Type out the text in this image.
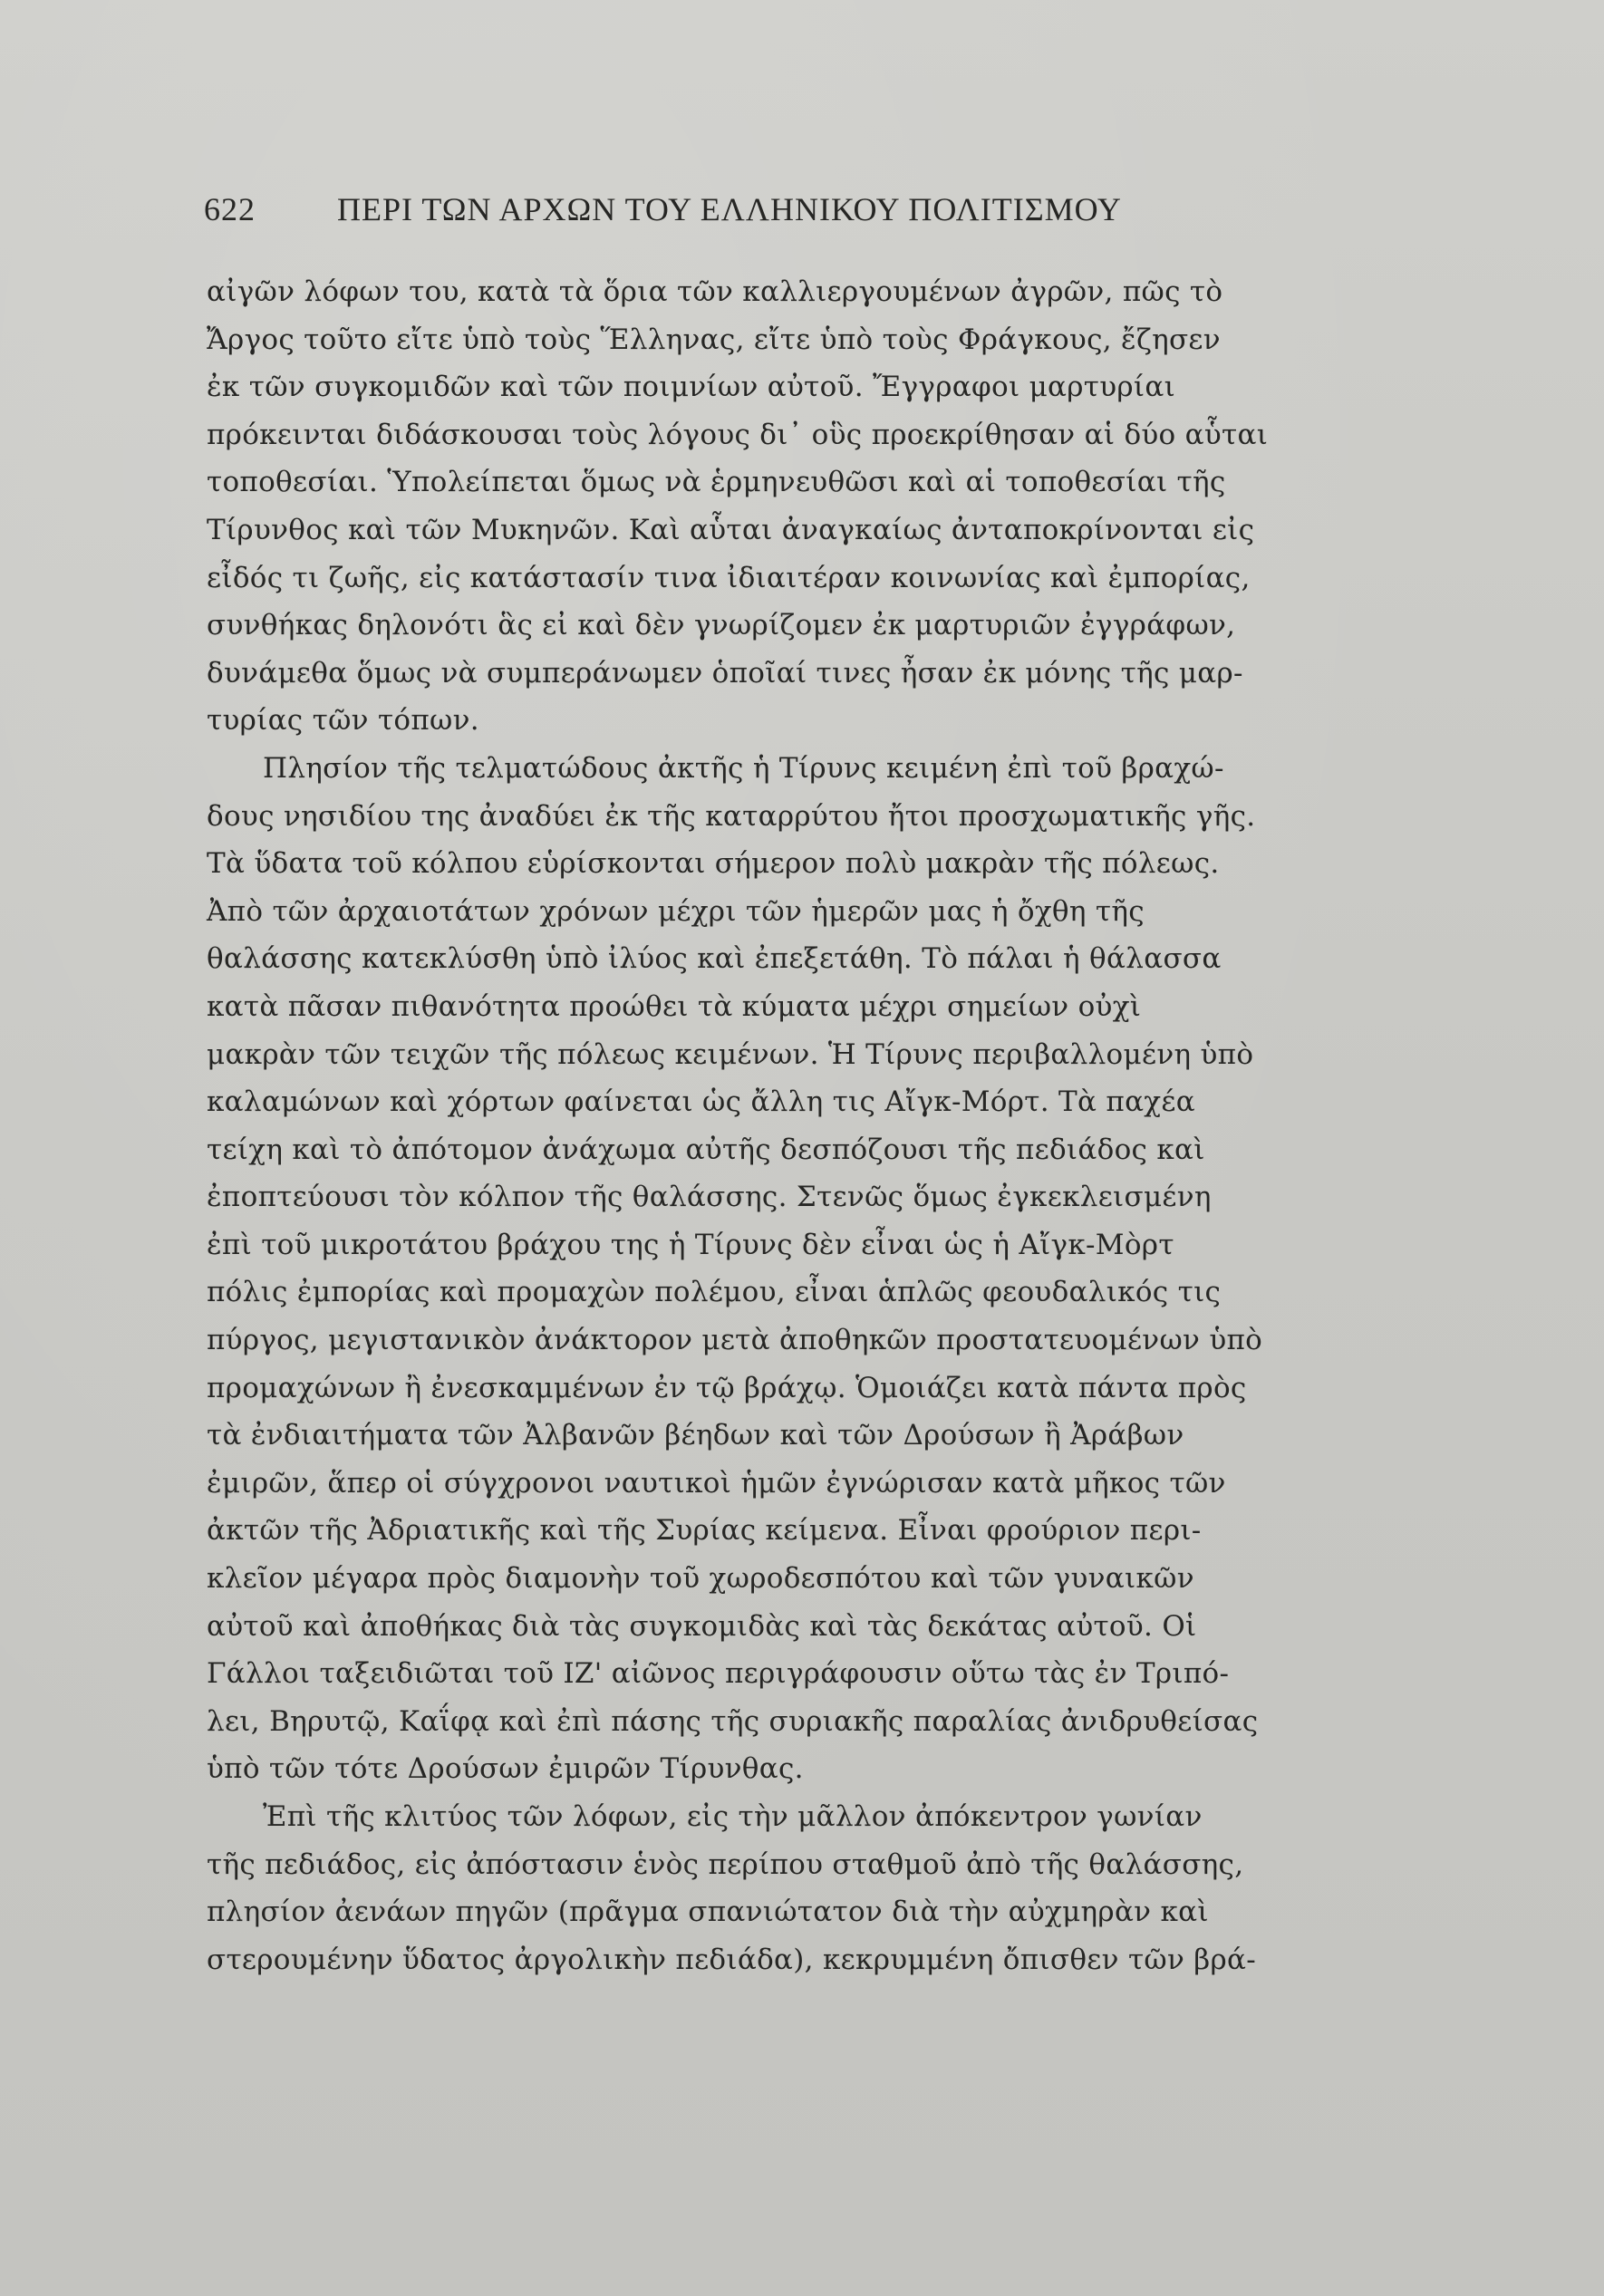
622	ΠΕΡΙ ΤΩΝ ΑΡΧΩΝ ΤΟΥ ΕΛΛΗΝΙΚΟΥ ΠΟΛΙΤΙΣΜΟΥ
αἰγῶν λόφων του, κατὰ τὰ ὅρια τῶν καλλιεργουμένων ἀγρῶν, πῶς τὸ
Ἄργος τοῦτο εἴτε ὑπὸ τοὺς Ἕλληνας, εἴτε ὑπὸ τοὺς Φράγκους, ἔζησεν
ἐκ τῶν συγκομιδῶν καὶ τῶν ποιμνίων αὐτοῦ. Ἔγγραφοι μαρτυρίαι
πρόκεινται διδάσκουσαι τοὺς λόγους δι᾿ οὓς προεκρίθησαν αἱ δύο αὗται
τοποθεσίαι. Ὑπολείπεται ὅμως νὰ ἑρμηνευθῶσι καὶ αἱ τοποθεσίαι τῆς
Τίρυνθος καὶ τῶν Μυκηνῶν. Καὶ αὗται ἀναγκαίως ἀνταποκρίνονται εἰς
εἶδός τι ζωῆς, εἰς κατάστασίν τινα ἰδιαιτέραν κοινωνίας καὶ ἐμπορίας,
συνθήκας δηλονότι ἃς εἰ καὶ δὲν γνωρίζομεν ἐκ μαρτυριῶν ἐγγράφων,
δυνάμεθα ὅμως νὰ συμπεράνωμεν ὁποῖαί τινες ἦσαν ἐκ μόνης τῆς μαρ-
τυρίας τῶν τόπων.
Πλησίον τῆς τελματώδους ἀκτῆς ἡ Τίρυνς κειμένη ἐπὶ τοῦ βραχώ-
δους νησιδίου της ἀναδύει ἐκ τῆς καταρρύτου ἤτοι προσχωματικῆς γῆς.
Τὰ ὕδατα τοῦ κόλπου εὑρίσκονται σήμερον πολὺ μακρὰν τῆς πόλεως.
Ἀπὸ τῶν ἀρχαιοτάτων χρόνων μέχρι τῶν ἡμερῶν μας ἡ ὄχθη τῆς
θαλάσσης κατεκλύσθη ὑπὸ ἰλύος καὶ ἐπεξετάθη. Τὸ πάλαι ἡ θάλασσα
κατὰ πᾶσαν πιθανότητα προώθει τὰ κύματα μέχρι σημείων οὐχὶ
μακρὰν τῶν τειχῶν τῆς πόλεως κειμένων. Ἡ Τίρυνς περιβαλλομένη ὑπὸ
καλαμώνων καὶ χόρτων φαίνεται ὡς ἄλλη τις Αἴγκ-Μόρτ. Τὰ παχέα
τείχη καὶ τὸ ἀπότομον ἀνάχωμα αὐτῆς δεσπόζουσι τῆς πεδιάδος καὶ
ἐποπτεύουσι τὸν κόλπον τῆς θαλάσσης. Στενῶς ὅμως ἐγκεκλεισμένη
ἐπὶ τοῦ μικροτάτου βράχου της ἡ Τίρυνς δὲν εἶναι ὡς ἡ Αἴγκ-Μὸρτ
πόλις ἐμπορίας καὶ προμαχὼν πολέμου, εἶναι ἁπλῶς φεουδαλικός τις
πύργος, μεγιστανικὸν ἀνάκτορον μετὰ ἀποθηκῶν προστατευομένων ὑπὸ
προμαχώνων ἢ ἐνεσκαμμένων ἐν τῷ βράχῳ. Ὁμοιάζει κατὰ πάντα πρὸς
τὰ ἐνδιαιτήματα τῶν Ἀλβανῶν βέηδων καὶ τῶν Δρούσων ἢ Ἀράβων
ἐμιρῶν, ἅπερ οἱ σύγχρονοι ναυτικοὶ ἡμῶν ἐγνώρισαν κατὰ μῆκος τῶν
ἀκτῶν τῆς Ἀδριατικῆς καὶ τῆς Συρίας κείμενα. Εἶναι φρούριον περι-
κλεῖον μέγαρα πρὸς διαμονὴν τοῦ χωροδεσπότου καὶ τῶν γυναικῶν
αὐτοῦ καὶ ἀποθήκας διὰ τὰς συγκομιδὰς καὶ τὰς δεκάτας αὐτοῦ. Οἱ
Γάλλοι ταξειδιῶται τοῦ ΙΖ' αἰῶνος περιγράφουσιν οὕτω τὰς ἐν Τριπό-
λει, Βηρυτῷ, Καΐφᾳ καὶ ἐπὶ πάσης τῆς συριακῆς παραλίας ἀνιδρυθείσας
ὑπὸ τῶν τότε Δρούσων ἐμιρῶν Τίρυνθας.
Ἐπὶ τῆς κλιτύος τῶν λόφων, εἰς τὴν μᾶλλον ἀπόκεντρον γωνίαν
τῆς πεδιάδος, εἰς ἀπόστασιν ἑνὸς περίπου σταθμοῦ ἀπὸ τῆς θαλάσσης,
πλησίον ἀενάων πηγῶν (πρᾶγμα σπανιώτατον διὰ τὴν αὐχμηρὰν καὶ
στερουμένην ὕδατος ἀργολικὴν πεδιάδα), κεκρυμμένη ὄπισθεν τῶν βρά-
